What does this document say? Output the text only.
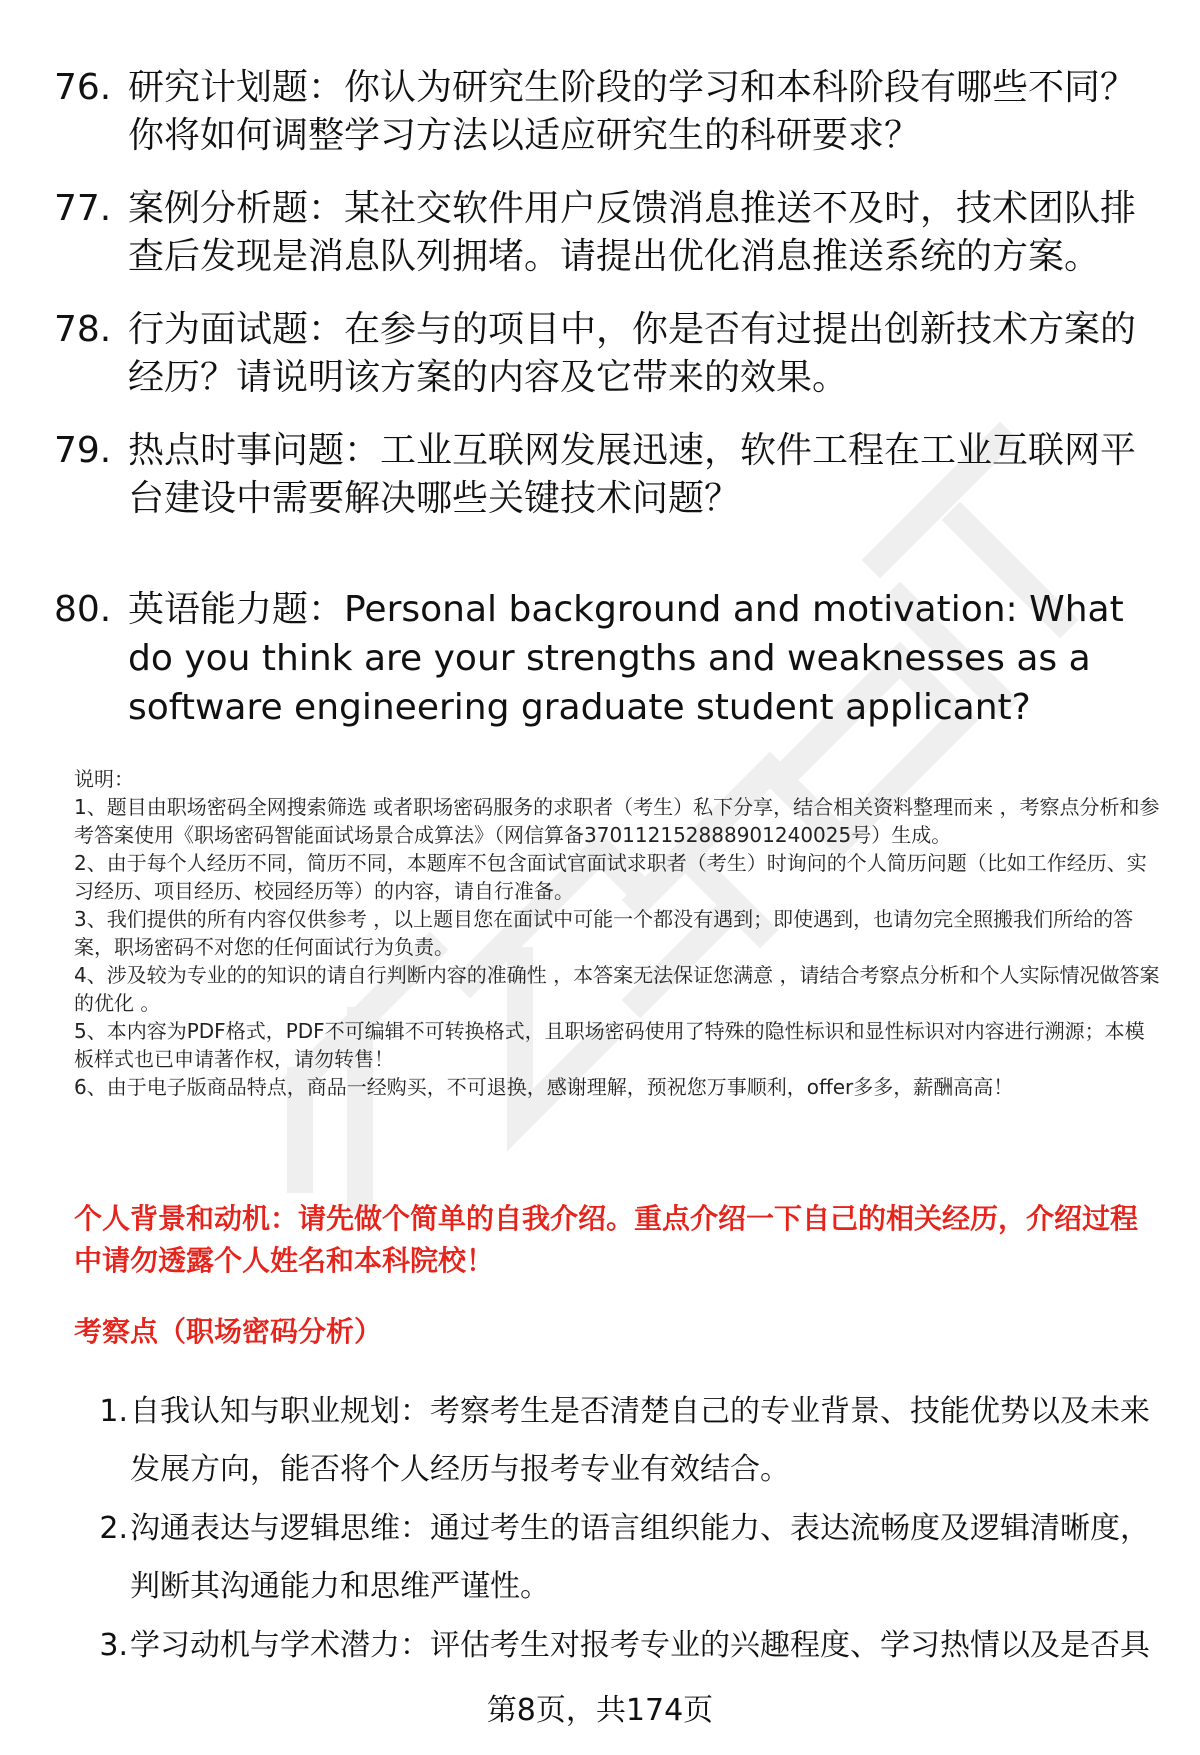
76. 研究计划题：你认为研究生阶段的学习和本科阶段有哪些不同？你将如何调整学习方法以适应研究生的科研要求？
77. 案例分析题：某社交软件用户反馈消息推送不及时，技术团队排查后发现是消息队列拥堵。请提出优化消息推送系统的方案。
78. 行为面试题：在参与的项目中，你是否有过提出创新技术方案的经历？请说明该方案的内容及它带来的效果。
79. 热点时事问题：工业互联网发展迅速，软件工程在工业互联网平台建设中需要解决哪些关键技术问题？
80. 英语能力题：Personal background and motivation: What do you think are your strengths and weaknesses as a software engineering graduate student applicant?

说明：

1、题目由职场密码全网搜索筛选 或者职场密码服务的求职者（考生）私下分享，结合相关资料整理而来 ，考察点分析和参考答案使用《职场密码智能面试场景合成算法》（网信算备370112152888901240025号）生成。

2、由于每个人经历不同，简历不同，本题库不包含面试官面试求职者（考生）时询问的个人简历问题（比如工作经历、实习经历、项目经历、校园经历等）的内容，请自行准备。

3、我们提供的所有内容仅供参考 ，以上题目您在面试中可能一个都没有遇到；即使遇到，也请勿完全照搬我们所给的答案，职场密码不对您的任何面试行为负责。

4、涉及较为专业的的知识的请自行判断内容的准确性 ，本答案无法保证您满意 ，请结合考察点分析和个人实际情况做答案的优化 。

5、本内容为PDF格式，PDF不可编辑不可转换格式，且职场密码使用了特殊的隐性标识和显性标识对内容进行溯源；本模板样式也已申请著作权，请勿转售！

6、由于电子版商品特点，商品一经购买，不可退换，感谢理解，预祝您万事顺利，offer多多，薪酬高高！

个人背景和动机：请先做个简单的自我介绍。重点介绍一下自己的相关经历，介绍过程中请勿透露个人姓名和本科院校！
考察点（职场密码分析）
1. 自我认知与职业规划：考察考生是否清楚自己的专业背景、技能优势以及未来发展方向，能否将个人经历与报考专业有效结合。
2. 沟通表达与逻辑思维：通过考生的语言组织能力、表达流畅度及逻辑清晰度，判断其沟通能力和思维严谨性。
3. 学习动机与学术潜力：评估考生对报考专业的兴趣程度、学习热情以及是否具
第8页，共174页
